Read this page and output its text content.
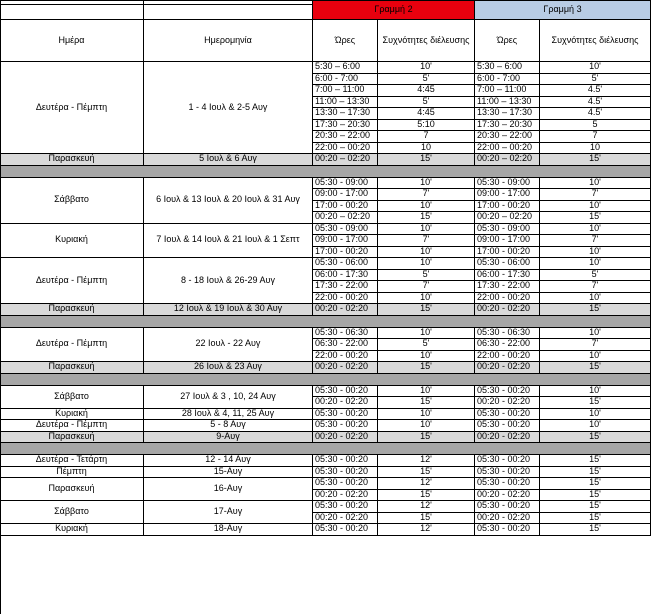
Γραμμή 2	Γραμμή 3
Ημέρα	Ημερομηνία	Ώρες	Συχνότητες διέλευσης	Ώρες	Συχνότητες διέλευσης
Δευτέρα - Πέμπτη	1 - 4 Ιουλ & 2-5 Αυγ
5:30 – 6:00	10'	5:30 – 6:00	10'
6:00 - 7:00	5'	6:00 - 7:00	5'
7:00 – 11:00	4:45	7:00 – 11:00	4.5'
11:00 – 13:30	5'	11:00 – 13:30	4.5'
13:30 – 17:30	4:45	13:30 – 17:30	4.5'
17:30 – 20:30	5:10	17:30 – 20:30	5
20:30 – 22:00	7	20:30 – 22:00	7
22:00 – 00:20	10	22:00 – 00:20	10
Παρασκευή	5 Ιουλ & 6 Αυγ	00:20 – 02:20	15'	00:20 – 02:20	15'
Σάββατο	6 Ιουλ & 13 Ιουλ & 20 Ιουλ & 31 Αυγ
05:30 - 09:00	10'	05:30 - 09:00	10'
09:00 - 17:00	7'	09:00 - 17:00	7'
17:00 - 00:20	10'	17:00 - 00:20	10'
00:20 – 02:20	15'	00:20 – 02:20	15'
Κυριακή	7 Ιουλ & 14 Ιουλ & 21 Ιουλ & 1 Σεπτ
05:30 - 09:00	10'	05:30 - 09:00	10'
09:00 - 17:00	7'	09:00 - 17:00	7'
17:00 - 00:20	10'	17:00 - 00:20	10'
Δευτέρα - Πέμπτη	8 - 18 Ιουλ & 26-29 Αυγ
05:30 - 06:00	10'	05:30 - 06:00	10'
06:00 - 17:30	5'	06:00 - 17:30	5'
17:30 - 22:00	7'	17:30 - 22:00	7'
22:00 - 00:20	10'	22:00 - 00:20	10'
Παρασκευή	12 Ιουλ & 19 Ιουλ & 30 Αυγ	00:20 - 02:20	15'	00:20 - 02:20	15'
Δευτέρα - Πέμπτη	22 Ιουλ - 22 Αυγ
05:30 - 06:30	10'	05:30 - 06:30	10'
06:30 - 22:00	5'	06:30 - 22:00	7'
22:00 - 00:20	10'	22:00 - 00:20	10'
Παρασκευή	26 Ιουλ & 23 Αυγ	00:20 - 02:20	15'	00:20 - 02:20	15'
Σάββατο	27 Ιουλ & 3 , 10, 24 Αυγ
05:30 - 00:20	10'	05:30 - 00:20	10'
00:20 - 02:20	15'	00:20 - 02:20	15'
Κυριακή	28 Ιουλ & 4, 11, 25 Αυγ	05:30 - 00:20	10'	05:30 - 00:20	10'
Δευτέρα - Πέμπτη	5 - 8 Αυγ	05:30 - 00:20	10'	05:30 - 00:20	10'
Παρασκευή	9-Αυγ	00:20 - 02:20	15'	00:20 - 02:20	15'
Δευτέρα - Τετάρτη	12 - 14 Αυγ	05:30 - 00:20	12'	05:30 - 00:20	15'
Πέμπτη	15-Αυγ	05:30 - 00:20	15'	05:30 - 00:20	15'
Παρασκευή	16-Αυγ
05:30 - 00:20	12'	05:30 - 00:20	15'
00:20 - 02:20	15'	00:20 - 02:20	15'
Σάββατο	17-Αυγ
05:30 - 00:20	12'	05:30 - 00:20	15'
00:20 - 02:20	15'	00:20 - 02:20	15'
Κυριακή	18-Αυγ	05:30 - 00:20	12'	05:30 - 00:20	15'
